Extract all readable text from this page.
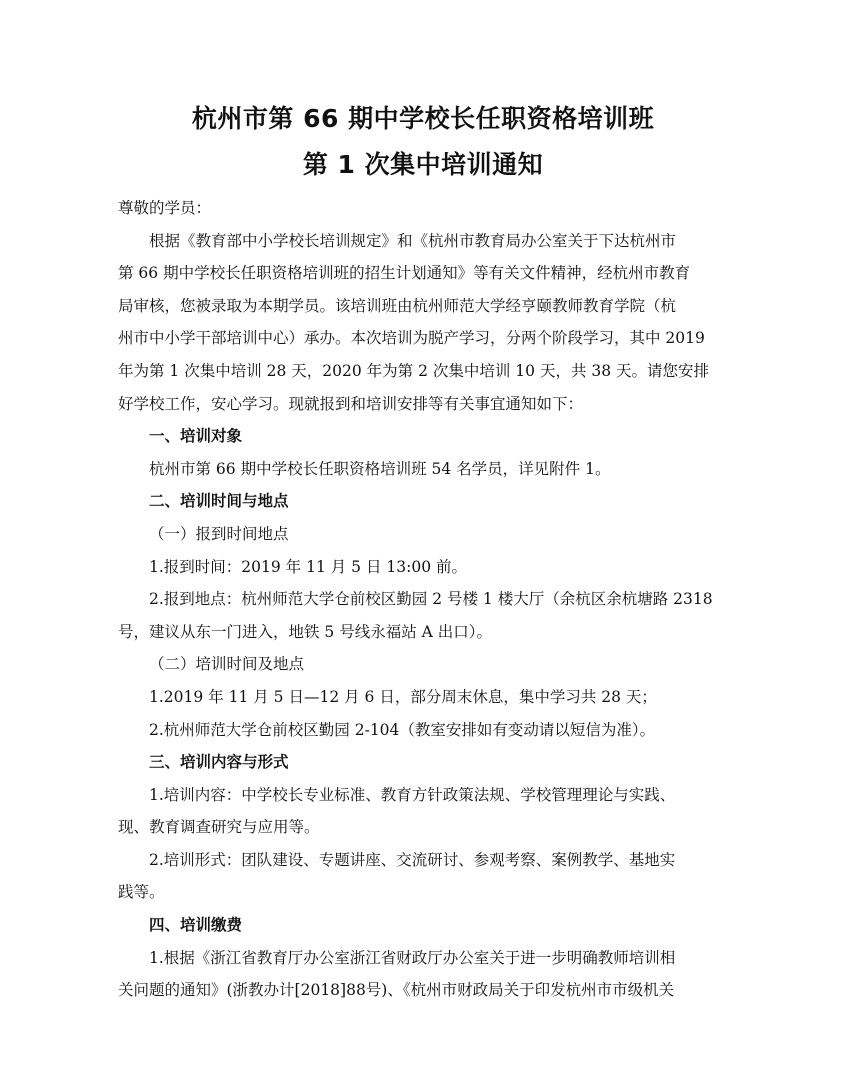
杭州市第 66 期中学校长任职资格培训班
第 1 次集中培训通知

尊敬的学员：

根据《教育部中小学校长培训规定》和《杭州市教育局办公室关于下达杭州市
第 66 期中学校长任职资格培训班的招生计划通知》等有关文件精神，经杭州市教育
局审核，您被录取为本期学员。该培训班由杭州师范大学经亨颐教师教育学院（杭
州市中小学干部培训中心）承办。本次培训为脱产学习，分两个阶段学习，其中 2019
年为第 1 次集中培训 28 天，2020 年为第 2 次集中培训 10 天，共 38 天。请您安排
好学校工作，安心学习。现就报到和培训安排等有关事宜通知如下：

一、培训对象

杭州市第 66 期中学校长任职资格培训班 54 名学员，详见附件 1。

二、培训时间与地点

（一）报到时间地点

1.报到时间：2019 年 11 月 5 日 13:00 前。

2.报到地点：杭州师范大学仓前校区勤园 2 号楼 1 楼大厅（余杭区余杭塘路 2318
号，建议从东一门进入，地铁 5 号线永福站 A 出口）。

（二）培训时间及地点

1.2019 年 11 月 5 日—12 月 6 日，部分周末休息，集中学习共 28 天；

2.杭州师范大学仓前校区勤园 2-104（教室安排如有变动请以短信为准）。

三、培训内容与形式

1.培训内容：中学校长专业标准、教育方针政策法规、学校管理理论与实践、
现、教育调查研究与应用等。

2.培训形式：团队建设、专题讲座、交流研讨、参观考察、案例教学、基地实
践等。

四、培训缴费

1.根据《浙江省教育厅办公室浙江省财政厅办公室关于进一步明确教师培训相
关问题的通知》(浙教办计[2018]88号)、《杭州市财政局关于印发杭州市市级机关
